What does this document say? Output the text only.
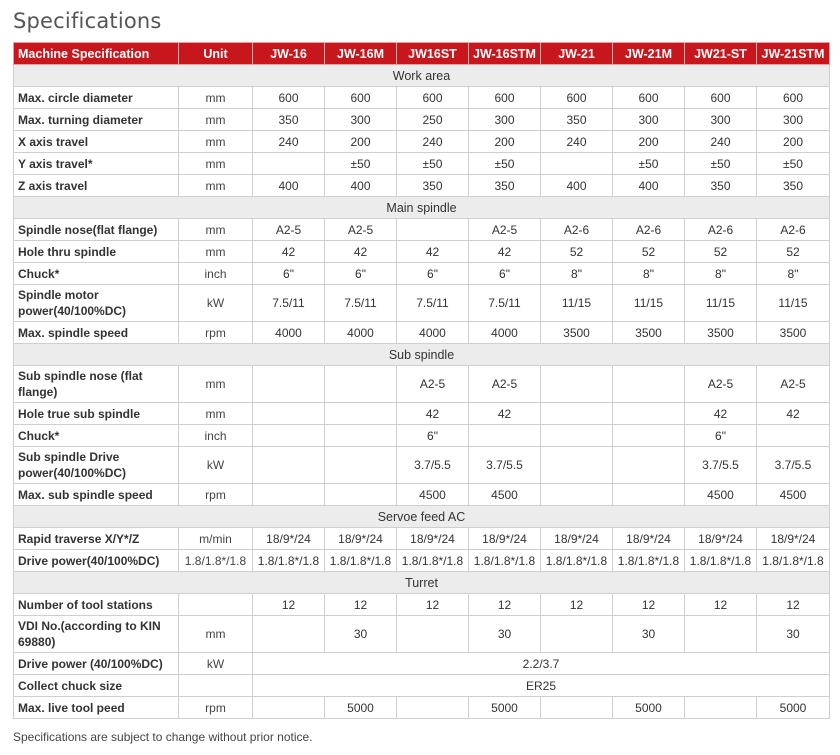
Specifications
Machine Specification	Unit	JW-16	JW-16M	JW16ST	JW-16STM	JW-21	JW-21M	JW21-ST	JW-21STM
Work area									
Max. circle diameter	mm	600	600	600	600	600	600	600	600
Max. turning diameter	mm	350	300	250	300	350	300	300	300
X axis travel	mm	240	200	240	200	240	200	240	200
Y axis travel*	mm		±50	±50	±50		±50	±50	±50
Z axis travel	mm	400	400	350	350	400	400	350	350
Main spindle									
Spindle nose(flat flange)	mm	A2-5	A2-5		A2-5	A2-6	A2-6	A2-6	A2-6
Hole thru spindle	mm	42	42	42	42	52	52	52	52
Chuck*	inch	6"	6"	6"	6"	8"	8"	8"	8"
Spindle motor power(40/100%DC)	kW	7.5/11	7.5/11	7.5/11	7.5/11	11/15	11/15	11/15	11/15
Max. spindle speed	rpm	4000	4000	4000	4000	3500	3500	3500	3500
Sub spindle									
Sub spindle nose (flat flange)	mm			A2-5	A2-5			A2-5	A2-5
Hole true sub spindle	mm			42	42			42	42
Chuck*	inch			6"				6"	
Sub spindle Drive power(40/100%DC)	kW			3.7/5.5	3.7/5.5			3.7/5.5	3.7/5.5
Max. sub spindle speed	rpm			4500	4500			4500	4500
Servoe feed AC									
Rapid traverse X/Y*/Z	m/min	18/9*/24	18/9*/24	18/9*/24	18/9*/24	18/9*/24	18/9*/24	18/9*/24	18/9*/24
Drive power(40/100%DC)	1.8/1.8*/1.8	1.8/1.8*/1.8	1.8/1.8*/1.8	1.8/1.8*/1.8	1.8/1.8*/1.8	1.8/1.8*/1.8	1.8/1.8*/1.8	1.8/1.8*/1.8	1.8/1.8*/1.8
Turret									
Number of tool stations		12	12	12	12	12	12	12	12
VDI No.(according to KIN 69880)	mm		30		30		30		30
Drive power (40/100%DC)	kW	2.2/3.7							
Collect chuck size		ER25							
Max. live tool peed	rpm		5000		5000		5000		5000
Specifications are subject to change without prior notice.
